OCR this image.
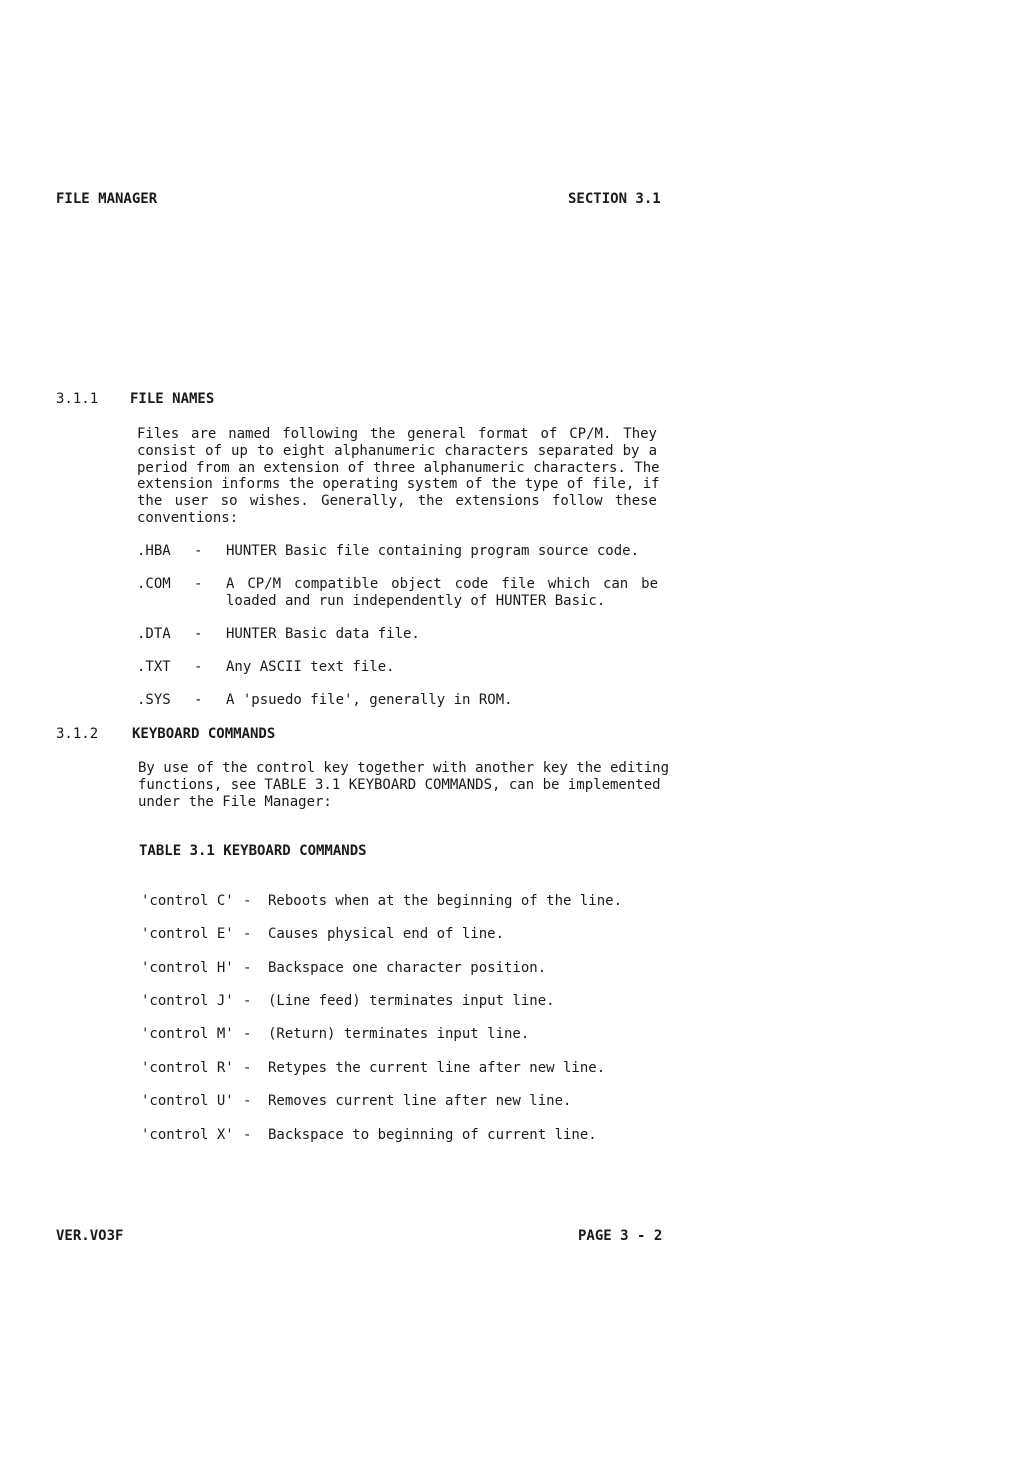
FILE MANAGER	SECTION 3.1
3.1.1 FILE NAMES
Files are named following the general format of CP/M. They
consist of up to eight alphanumeric characters separated by a
period from an extension of three alphanumeric characters. The
extension informs the operating system of the type of file, if
the user so wishes. Generally, the extensions follow these
conventions:
.HBA - HUNTER Basic file containing program source code.
.COM - A CP/M compatible object code file which can be
loaded and run independently of HUNTER Basic.
.DTA - HUNTER Basic data file.
.TXT - Any ASCII text file.
.SYS - A 'psuedo file', generally in ROM.
3.1.2 KEYBOARD COMMANDS
By use of the control key together with another key the editing
functions, see TABLE 3.1 KEYBOARD COMMANDS, can be implemented
under the File Manager:
TABLE 3.1 KEYBOARD COMMANDS
'control C' - Reboots when at the beginning of the line.
'control E' - Causes physical end of line.
'control H' - Backspace one character position.
'control J' - (Line feed) terminates input line.
'control M' - (Return) terminates input line.
'control R' - Retypes the current line after new line.
'control U' - Removes current line after new line.
'control X' - Backspace to beginning of current line.
VER.VO3F	PAGE 3 - 2
